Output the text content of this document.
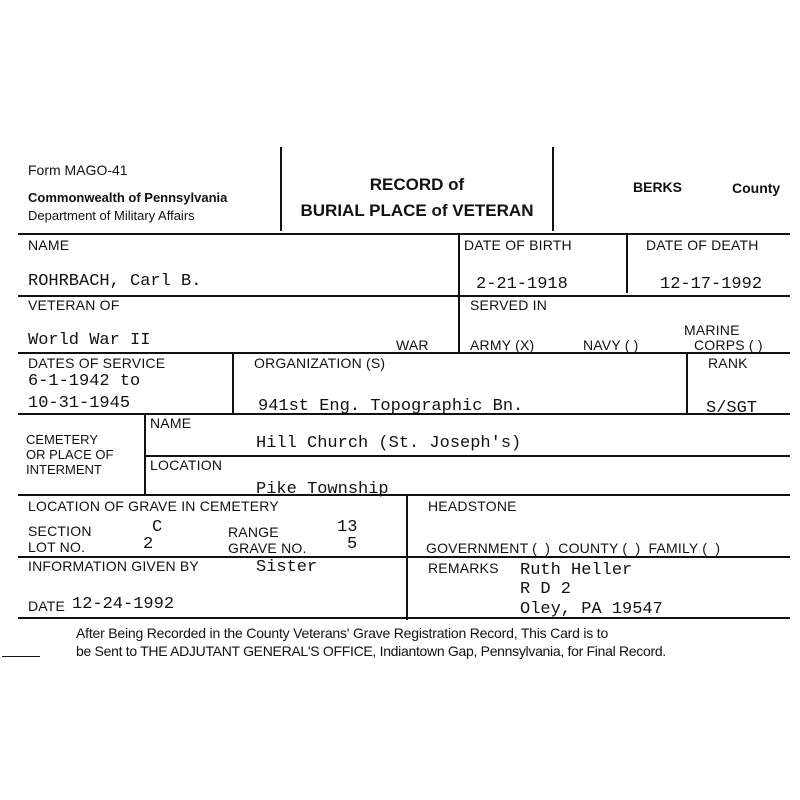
Form MAGO-41
Commonwealth of Pennsylvania
Department of Military Affairs
RECORD of
BURIAL PLACE of VETERAN
BERKS	County
NAME
ROHRBACH, Carl B.
DATE OF BIRTH
2-21-1918
DATE OF DEATH
12-17-1992
VETERAN OF
World War II	WAR
SERVED IN
ARMY (X)	NAVY ( )
MARINE
CORPS ( )
DATES OF SERVICE
6-1-1942 to
10-31-1945
ORGANIZATION (S)
941st Eng. Topographic Bn.
RANK
S/SGT
CEMETERY
OR PLACE OF
INTERMENT
NAME
Hill Church (St. Joseph's)
LOCATION
Pike Township
LOCATION OF GRAVE IN CEMETERY
SECTION	C
LOT NO.	2
RANGE	13
GRAVE NO. 5
HEADSTONE
GOVERNMENT (  )  COUNTY (  )  FAMILY (  )
INFORMATION GIVEN BY	Sister	REMARKS Ruth Heller
R D 2
Oley, PA 19547
DATE 12-24-1992
After Being Recorded in the County Veterans' Grave Registration Record, This Card is to
be Sent to THE ADJUTANT GENERAL'S OFFICE, Indiantown Gap, Pennsylvania, for Final Record.
